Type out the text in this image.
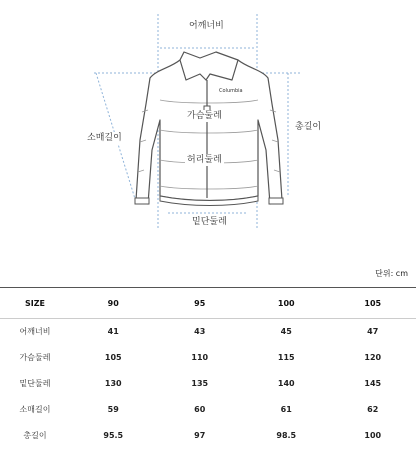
Columbia
어깨너비
가슴둘레
허리둘레
소매길이
총길이
밑단둘레
단위: cm
SIZE	90	95	100	105
어깨너비	41	43	45	47
가슴둘레	105	110	115	120
밑단둘레	130	135	140	145
소매길이	59	60	61	62
총길이	95.5	97	98.5	100
